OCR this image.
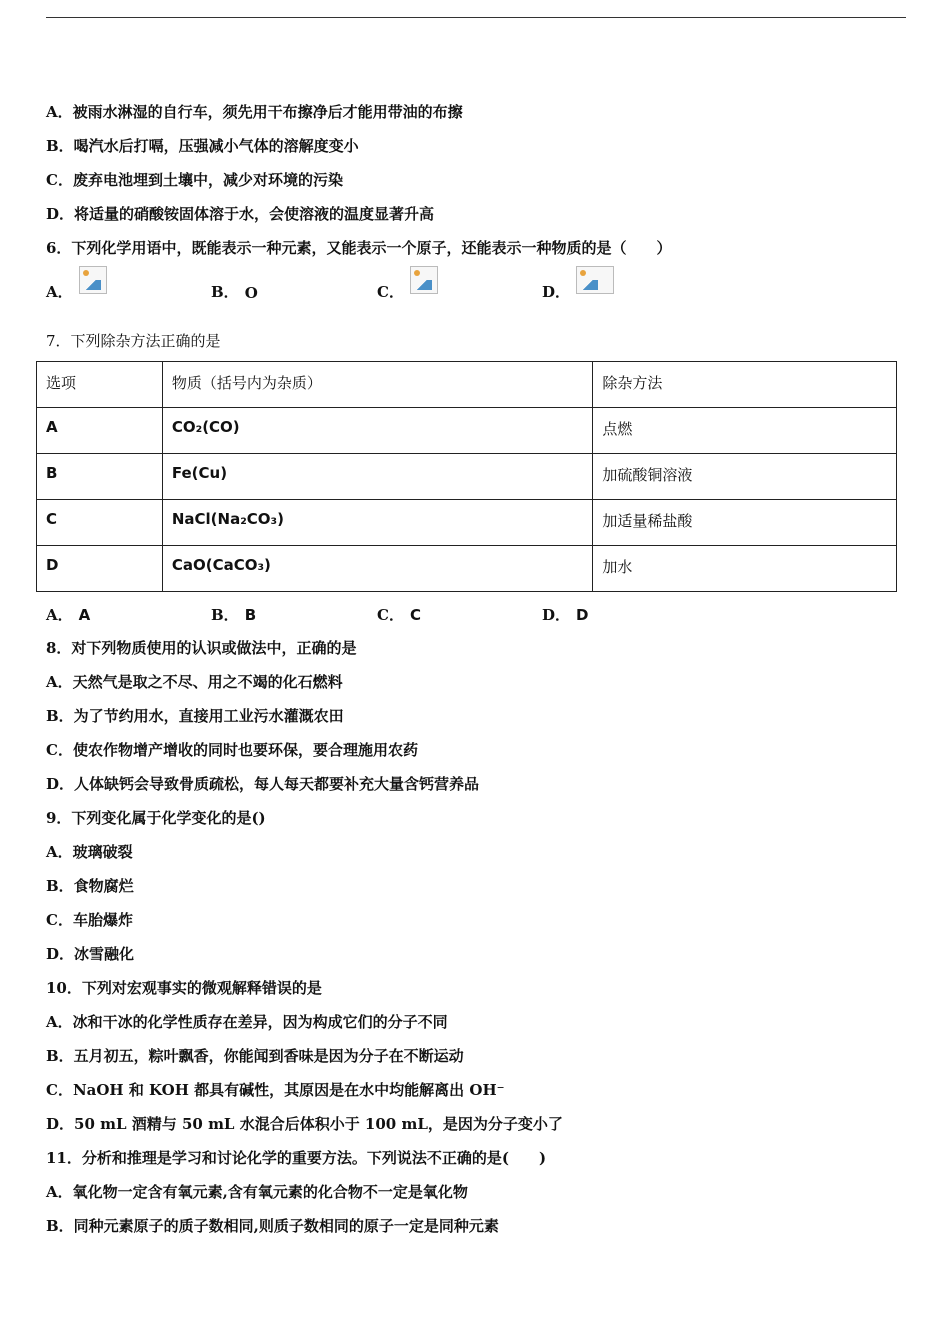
A．被雨水淋湿的自行车，须先用干布擦净后才能用带油的布擦
B．喝汽水后打嗝，压强减小气体的溶解度变小
C．废弃电池埋到土壤中，减少对环境的污染
D．将适量的硝酸铵固体溶于水，会使溶液的温度显著升高
6．下列化学用语中，既能表示一种元素，又能表示一个原子，还能表示一种物质的是（　　）
A．	B． O	C．	D．
7．下列除杂方法正确的是
选项	物质（括号内为杂质）	除杂方法
A	CO₂(CO)	点燃
B	Fe(Cu)	加硫酸铜溶液
C	NaCl(Na₂CO₃)	加适量稀盐酸
D	CaO(CaCO₃)	加水
A． A	B． B	C． C	D． D
8．对下列物质使用的认识或做法中，正确的是
A．天然气是取之不尽、用之不竭的化石燃料
B．为了节约用水，直接用工业污水灌溉农田
C．使农作物增产增收的同时也要环保，要合理施用农药
D．人体缺钙会导致骨质疏松，每人每天都要补充大量含钙营养品
9．下列变化属于化学变化的是()
A．玻璃破裂
B．食物腐烂
C．车胎爆炸
D．冰雪融化
10．下列对宏观事实的微观解释错误的是
A．冰和干冰的化学性质存在差异，因为构成它们的分子不同
B．五月初五，粽叶飘香，你能闻到香味是因为分子在不断运动
C．NaOH 和 KOH 都具有碱性，其原因是在水中均能解离出 OH⁻
D．50 mL 酒精与 50 mL 水混合后体积小于 100 mL，是因为分子变小了
11．分析和推理是学习和讨论化学的重要方法。下列说法不正确的是(　　)
A．氧化物一定含有氧元素,含有氧元素的化合物不一定是氧化物
B．同种元素原子的质子数相同,则质子数相同的原子一定是同种元素
